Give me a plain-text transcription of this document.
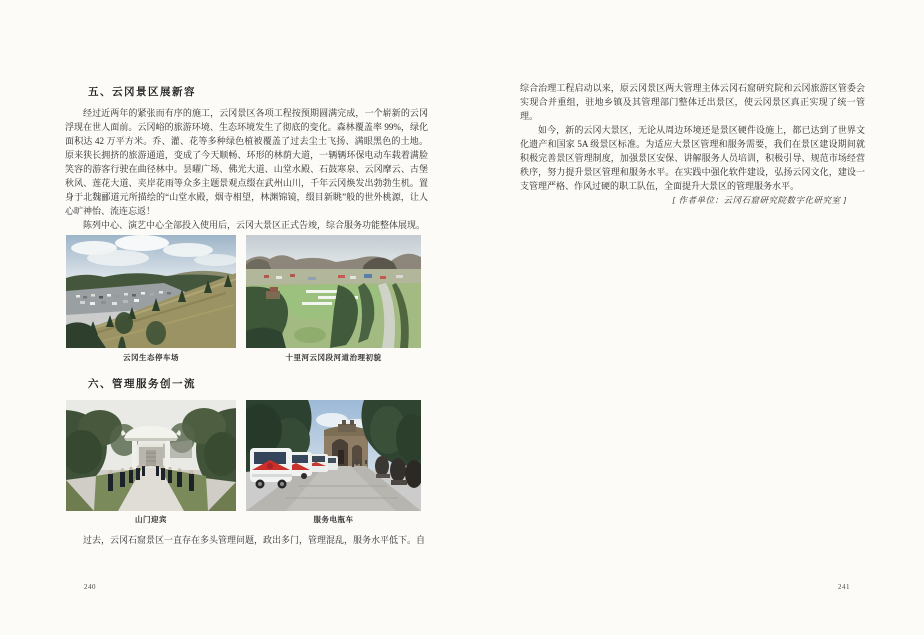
五、云冈景区展新容

经过近两年的紧张而有序的施工，云冈景区各项工程按预期圆满完成，一个崭新的云冈浮现在世人面前。云冈峪的旅游环境、生态环境发生了彻底的变化。森林覆盖率 99%，绿化面积达 42 万平方米。乔、灌、花等多种绿色植被覆盖了过去尘土飞扬、满眼黑色的土地。原来狭长拥挤的旅游通道，变成了今天顺畅、环形的林荫大道，一辆辆环保电动车载着满脸笑容的游客行驶在曲径林中。昙曜广场、佛光大道、山堂水殿、石鼓寒泉、云冈摩云、古堡秋风、莲花大道、夹岸花雨等众多主题景观点缀在武州山川，千年云冈焕发出勃勃生机。置身于北魏郦道元所描绘的“山堂水殿，烟寺相望，林渊锦镜，缀目新眺”般的世外桃源，让人心旷神怡、流连忘返！

陈列中心、演艺中心全部投入使用后，云冈大景区正式告竣，综合服务功能整体展现。

云冈生态停车场	十里河云冈段河道治理初貌
六、管理服务创一流
山门迎宾	服务电瓶车

过去，云冈石窟景区一直存在多头管理问题，政出多门，管理混乱，服务水平低下。自

240

综合治理工程启动以来，原云冈景区两大管理主体云冈石窟研究院和云冈旅游区管委会实现合并重组，驻地乡镇及其管理部门整体迁出景区，使云冈景区真正实现了统一管理。

如今，新的云冈大景区，无论从周边环境还是景区硬件设施上，都已达到了世界文化遗产和国家 5A 级景区标准。为适应大景区管理和服务需要，我们在景区建设期间就积极完善景区管理制度，加强景区安保、讲解服务人员培训，积极引导、规范市场经营秩序，努力提升景区管理和服务水平。在实践中强化软件建设，弘扬云冈文化，建设一支管理严格、作风过硬的职工队伍，全面提升大景区的管理服务水平。

[ 作者单位：云冈石窟研究院数字化研究室 ]

241
